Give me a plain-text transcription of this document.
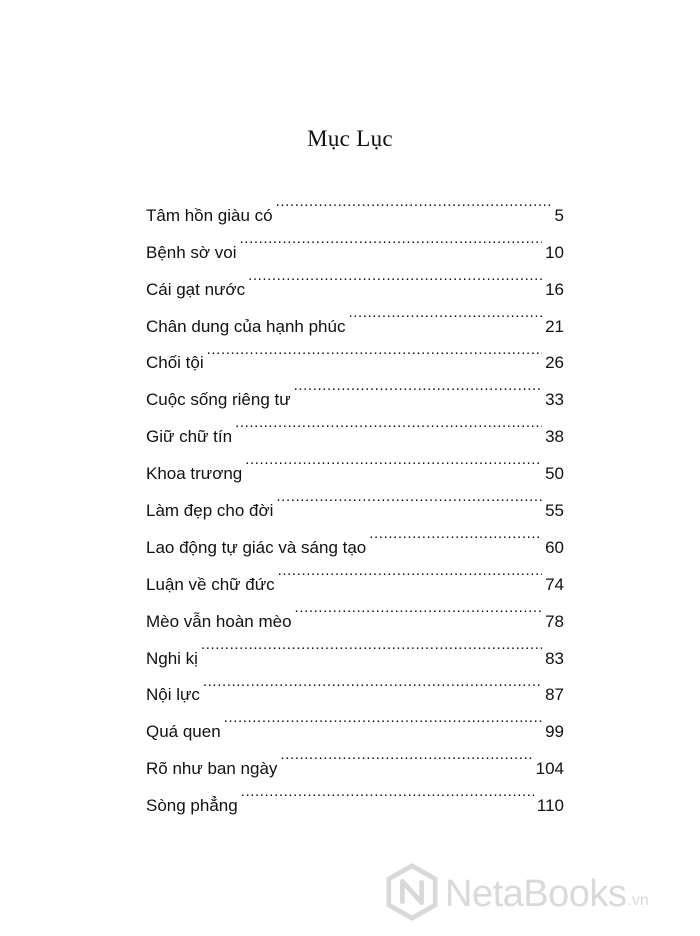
Mục Lục
Tâm hồn giàu có .....	5
Bệnh sờ voi .....	10
Cái gạt nước .....	16
Chân dung của hạnh phúc .....	21
Chối tội .....	26
Cuộc sống riêng tư .....	33
Giữ chữ tín .....	38
Khoa trương .....	50
Làm đẹp cho đời .....	55
Lao động tự giác và sáng tạo .....	60
Luận về chữ đức .....	74
Mèo vẫn hoàn mèo .....	78
Nghi kị .....	83
Nội lực .....	87
Quá quen .....	99
Rõ như ban ngày .....	104
Sòng phẳng .....	110
NetaBooks .vn
